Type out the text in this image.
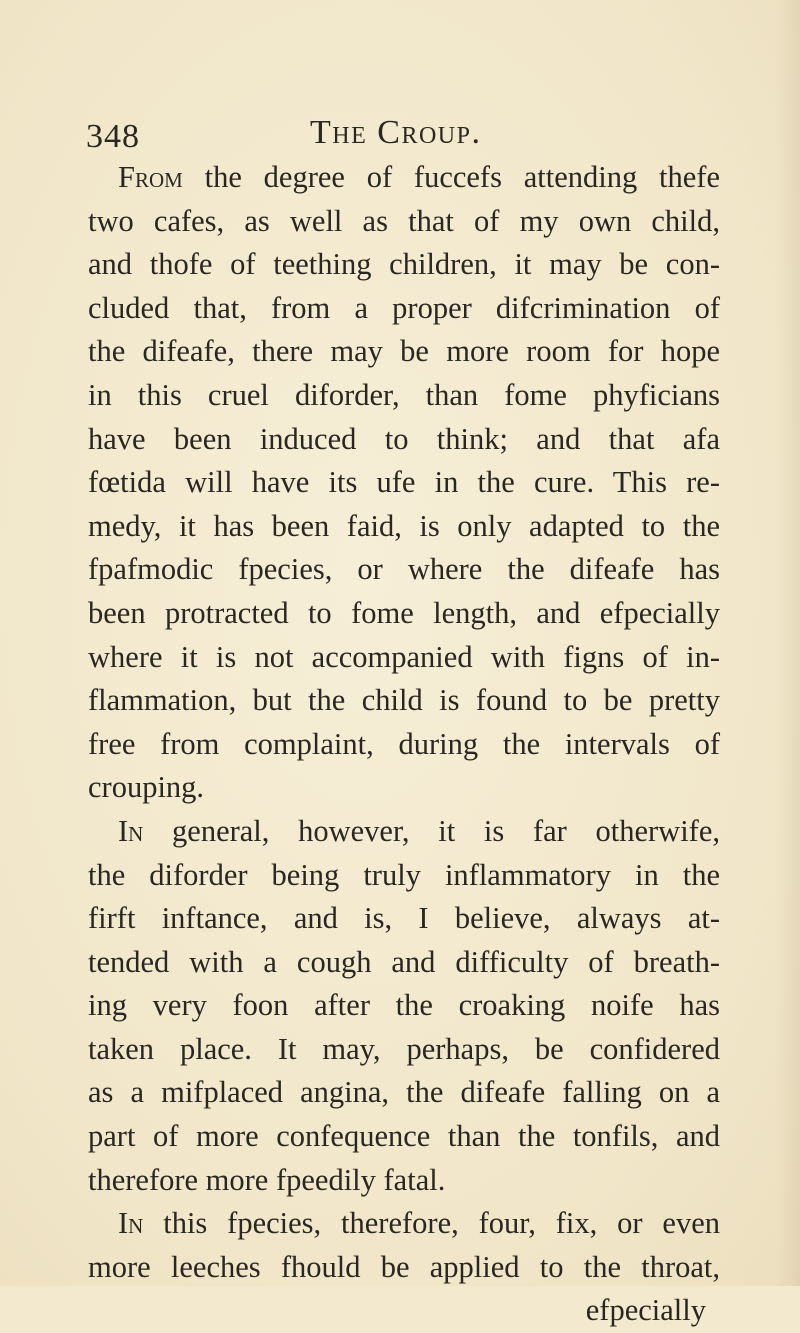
348	The Croup.
From the degree of fuccefs attending thefe
two cafes, as well as that of my own child,
and thofe of teething children, it may be con-
cluded that, from a proper difcrimination of
the difeafe, there may be more room for hope
in this cruel diforder, than fome phyficians
have been induced to think; and that afa
fœtida will have its ufe in the cure. This re-
medy, it has been faid, is only adapted to the
fpafmodic fpecies, or where the difeafe has
been protracted to fome length, and efpecially
where it is not accompanied with figns of in-
flammation, but the child is found to be pretty
free from complaint, during the intervals of
crouping.
In general, however, it is far otherwife,
the diforder being truly inflammatory in the
firft inftance, and is, I believe, always at-
tended with a cough and difficulty of breath-
ing very foon after the croaking noife has
taken place. It may, perhaps, be confidered
as a mifplaced angina, the difeafe falling on a
part of more confequence than the tonfils, and
therefore more fpeedily fatal.
In this fpecies, therefore, four, fix, or even
more leeches fhould be applied to the throat,
efpecially
